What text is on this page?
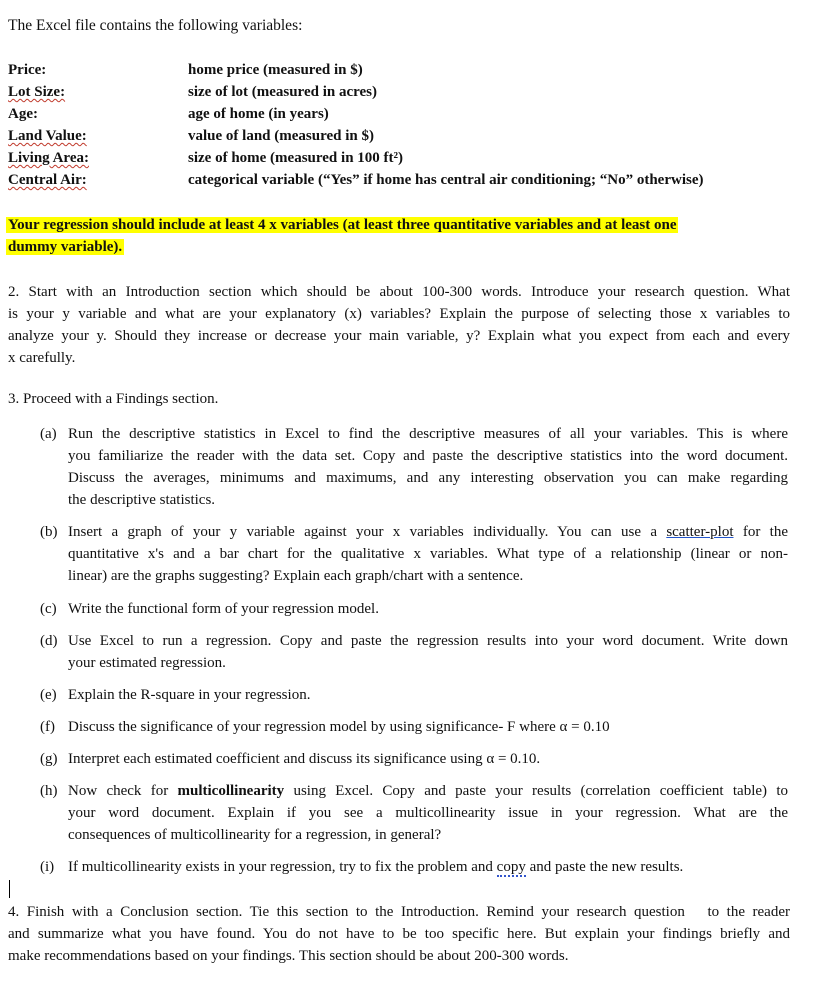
The Excel file contains the following variables:
Price:	home price (measured in $)
Lot Size:	size of lot (measured in acres)
Age:	age of home (in years)
Land Value:	value of land (measured in $)
Living Area:	size of home (measured in 100 ft²)
Central Air:	categorical variable (“Yes” if home has central air conditioning; “No” otherwise)
Your regression should include at least 4 x variables (at least three quantitative variables and at least one
dummy variable).
2. Start with an Introduction section which should be about 100-300 words. Introduce your research question. What
is your y variable and what are your explanatory (x) variables? Explain the purpose of selecting those x variables to
analyze your y. Should they increase or decrease your main variable, y? Explain what you expect from each and every
x carefully.
3. Proceed with a Findings section.
(a) Run the descriptive statistics in Excel to find the descriptive measures of all your variables. This is where
you familiarize the reader with the data set. Copy and paste the descriptive statistics into the word document.
Discuss the averages, minimums and maximums, and any interesting observation you can make regarding
the descriptive statistics.
(b) Insert a graph of your y variable against your x variables individually. You can use a scatter-plot for the
quantitative x's and a bar chart for the qualitative x variables. What type of a relationship (linear or non-
linear) are the graphs suggesting? Explain each graph/chart with a sentence.
(c) Write the functional form of your regression model.
(d) Use Excel to run a regression. Copy and paste the regression results into your word document. Write down
your estimated regression.
(e) Explain the R-square in your regression.
(f) Discuss the significance of your regression model by using significance- F where α = 0.10
(g) Interpret each estimated coefficient and discuss its significance using α = 0.10.
(h) Now check for multicollinearity using Excel. Copy and paste your results (correlation coefficient table) to
your word document. Explain if you see a multicollinearity issue in your regression. What are the
consequences of multicollinearity for a regression, in general?
(i) If multicollinearity exists in your regression, try to fix the problem and copy and paste the new results.
4. Finish with a Conclusion section. Tie this section to the Introduction. Remind your research question   to the reader
and summarize what you have found. You do not have to be too specific here. But explain your findings briefly and
make recommendations based on your findings. This section should be about 200-300 words.
